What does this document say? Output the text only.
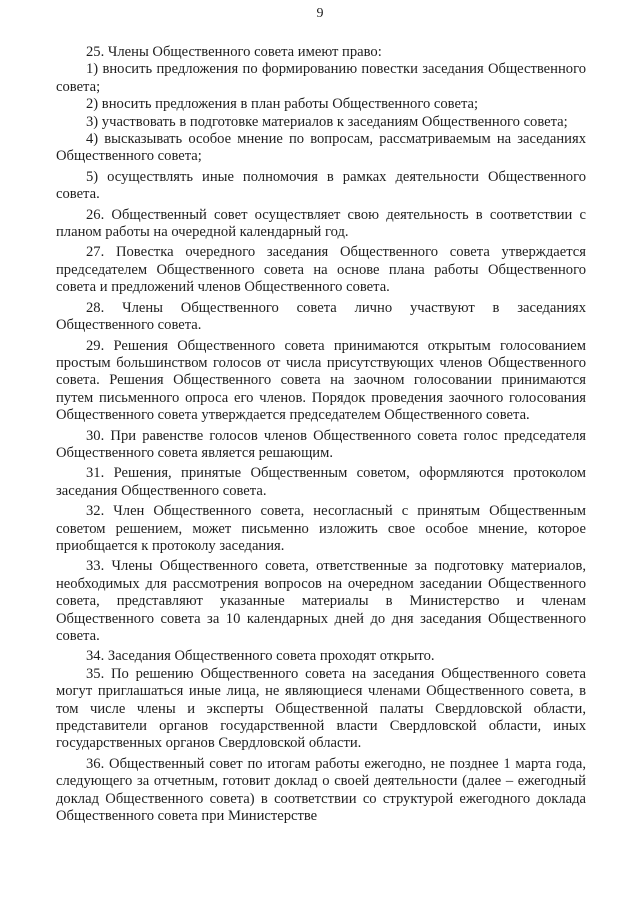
9

25. Члены Общественного совета имеют право:

1) вносить предложения по формированию повестки заседания Общественного совета;

2) вносить предложения в план работы Общественного совета;

3) участвовать в подготовке материалов к заседаниям Общественного совета;

4) высказывать особое мнение по вопросам, рассматриваемым на заседаниях Общественного совета;

5) осуществлять иные полномочия в рамках деятельности Общественного совета.

26. Общественный совет осуществляет свою деятельность в соответствии с планом работы на очередной календарный год.

27. Повестка очередного заседания Общественного совета утверждается председателем Общественного совета на основе плана работы Общественного совета и предложений членов Общественного совета.

28. Члены Общественного совета лично участвуют в заседаниях Общественного совета.

29. Решения Общественного совета принимаются открытым голосованием простым большинством голосов от числа присутствующих членов Общественного совета. Решения Общественного совета на заочном голосовании принимаются путем письменного опроса его членов. Порядок проведения заочного голосования Общественного совета утверждается председателем Общественного совета.

30. При равенстве голосов членов Общественного совета голос председателя Общественного совета является решающим.

31. Решения, принятые Общественным советом, оформляются протоколом заседания Общественного совета.

32. Член Общественного совета, несогласный с принятым Общественным советом решением, может письменно изложить свое особое мнение, которое приобщается к протоколу заседания.

33. Члены Общественного совета, ответственные за подготовку материалов, необходимых для рассмотрения вопросов на очередном заседании Общественного совета, представляют указанные материалы в Министерство и членам Общественного совета за 10 календарных дней до дня заседания Общественного совета.

34. Заседания Общественного совета проходят открыто.

35. По решению Общественного совета на заседания Общественного совета могут приглашаться иные лица, не являющиеся членами Общественного совета, в том числе члены и эксперты Общественной палаты Свердловской области, представители органов государственной власти Свердловской области, иных государственных органов Свердловской области.

36. Общественный совет по итогам работы ежегодно, не позднее 1 марта года, следующего за отчетным, готовит доклад о своей деятельности (далее – ежегодный доклад Общественного совета) в соответствии со структурой ежегодного доклада Общественного совета при Министерстве
